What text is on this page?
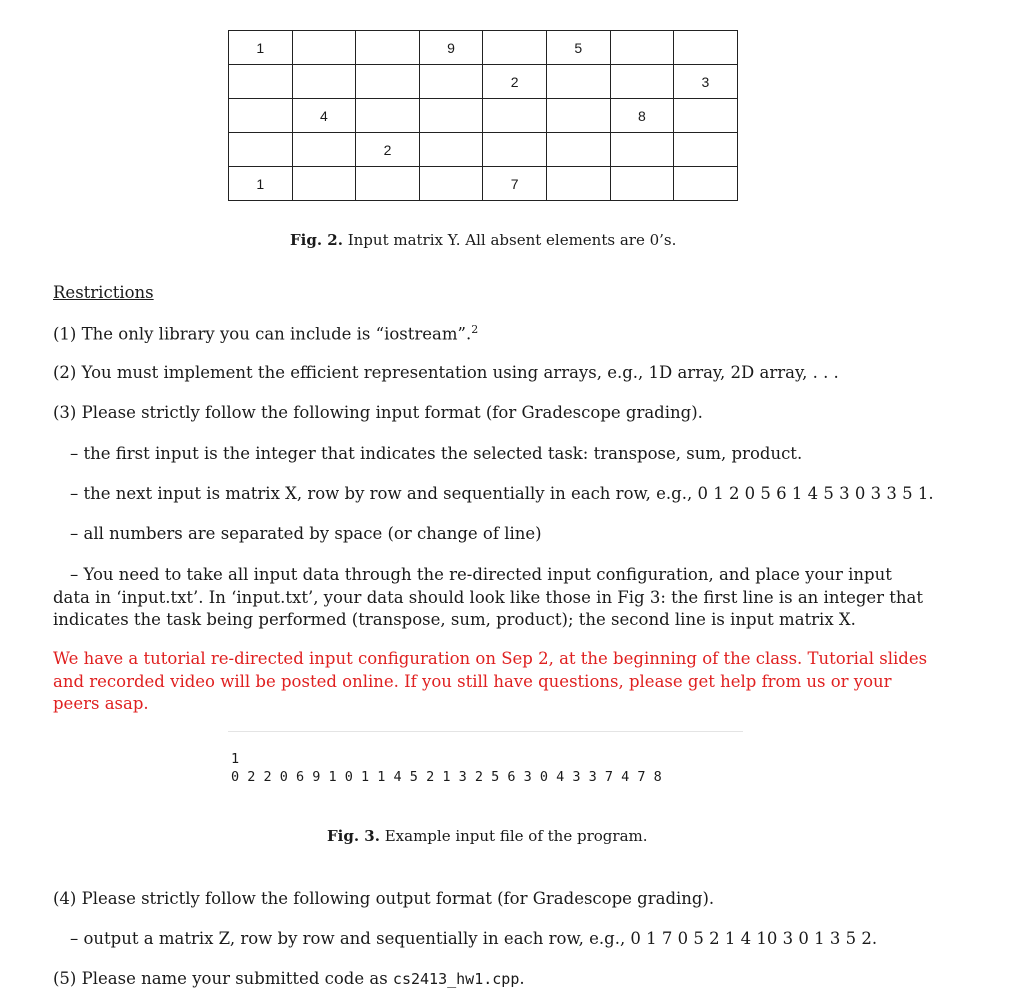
1			9		5		
				2			3
	4					8	
		2					
1				7			
Fig. 2. Input matrix Y. All absent elements are 0’s.
Restrictions
(1) The only library you can include is “iostream”.$^2$
(2) You must implement the efficient representation using arrays, e.g., 1D array, 2D array, . . .
(3) Please strictly follow the following input format (for Gradescope grading).
– the first input is the integer that indicates the selected task: transpose, sum, product.
– the next input is matrix X, row by row and sequentially in each row, e.g., 0 1 2 0 5 6 1 4 5 3 0 3 3 5 1.
– all numbers are separated by space (or change of line)
– You need to take all input data through the re-directed input configuration, and place your input data in ‘input.txt’. In ‘input.txt’, your data should look like those in Fig 3: the first line is an integer that indicates the task being performed (transpose, sum, product); the second line is input matrix X.
We have a tutorial re-directed input configuration on Sep 2, at the beginning of the class. Tutorial slides and recorded video will be posted online. If you still have questions, please get help from us or your peers asap.
1
0 2 2 0 6 9 1 0 1 1 4 5 2 1 3 2 5 6 3 0 4 3 3 7 4 7 8
Fig. 3. Example input file of the program.
(4) Please strictly follow the following output format (for Gradescope grading).
– output a matrix Z, row by row and sequentially in each row, e.g., 0 1 7 0 5 2 1 4 10 3 0 1 3 5 2.
(5) Please name your submitted code as cs2413_hw1.cpp.
